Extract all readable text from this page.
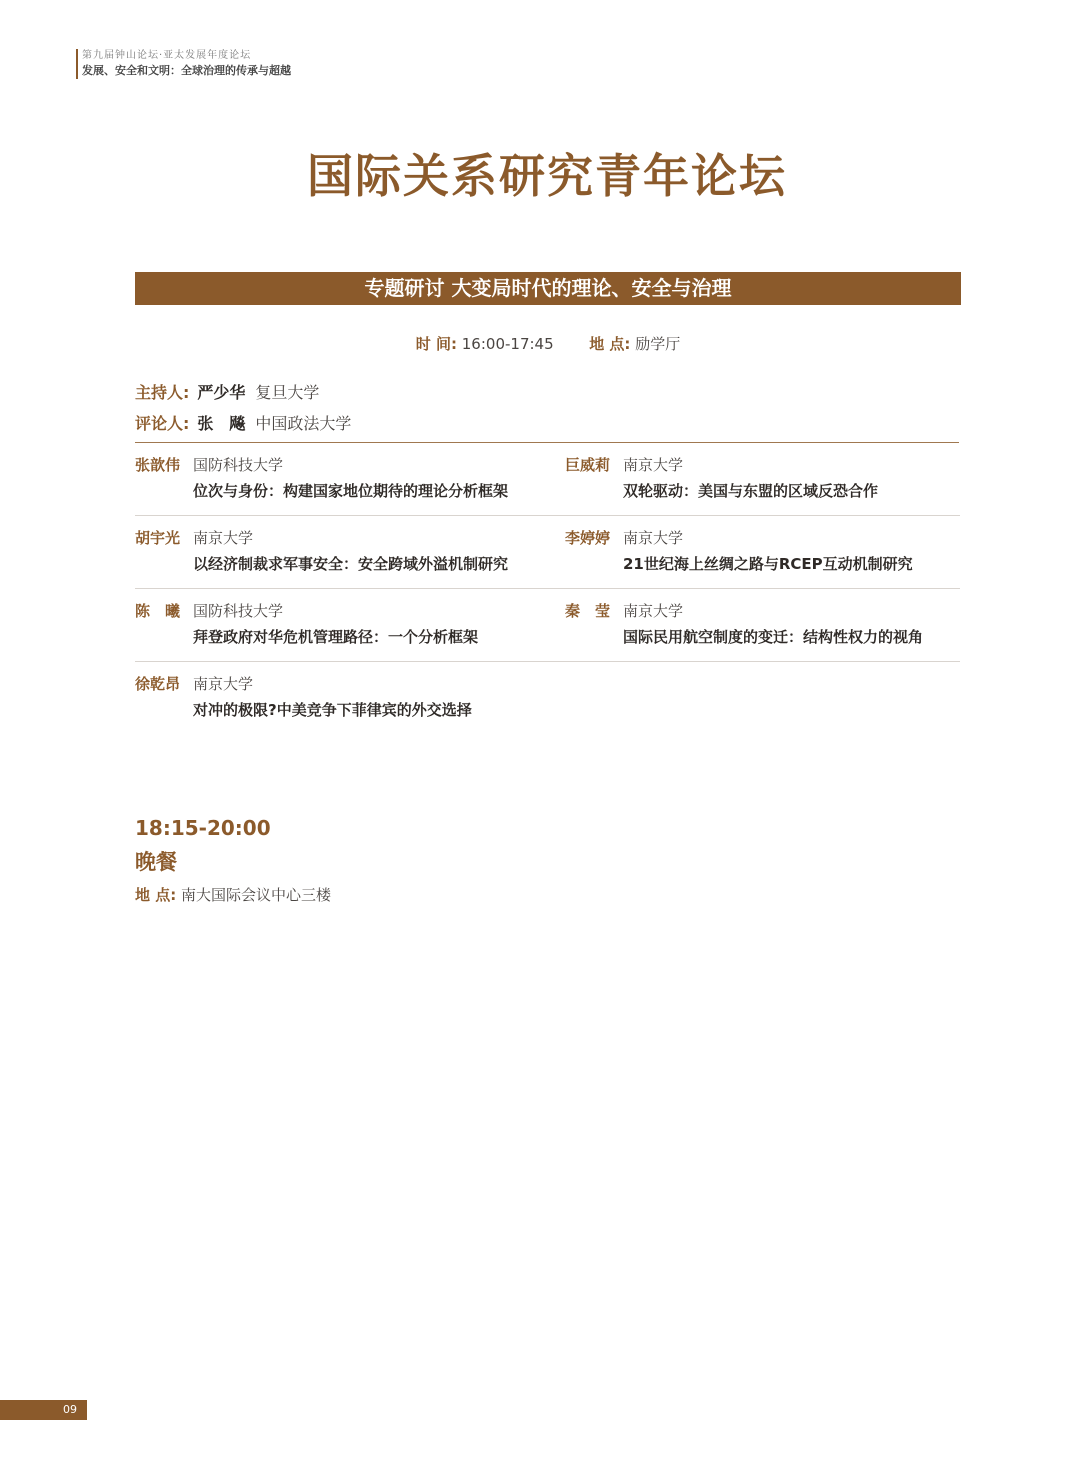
第九届钟山论坛·亚太发展年度论坛
发展、安全和文明：全球治理的传承与超越
国际关系研究青年论坛
专题研讨 大变局时代的理论、安全与治理
时 间: 16:00-17:45 地 点: 励学厅
主持人: 严少华 复旦大学
评论人: 张　飚 中国政法大学
张歆伟 国防科技大学
位次与身份：构建国家地位期待的理论分析框架
巨威莉 南京大学
双轮驱动：美国与东盟的区域反恐合作
胡宇光 南京大学
以经济制裁求军事安全：安全跨域外溢机制研究
李婷婷 南京大学
21世纪海上丝绸之路与RCEP互动机制研究
陈　曦 国防科技大学
拜登政府对华危机管理路径：一个分析框架
秦　莹 南京大学
国际民用航空制度的变迁：结构性权力的视角
徐乾昂 南京大学
对冲的极限?中美竞争下菲律宾的外交选择
18:15-20:00
晚餐
地 点: 南大国际会议中心三楼
09
